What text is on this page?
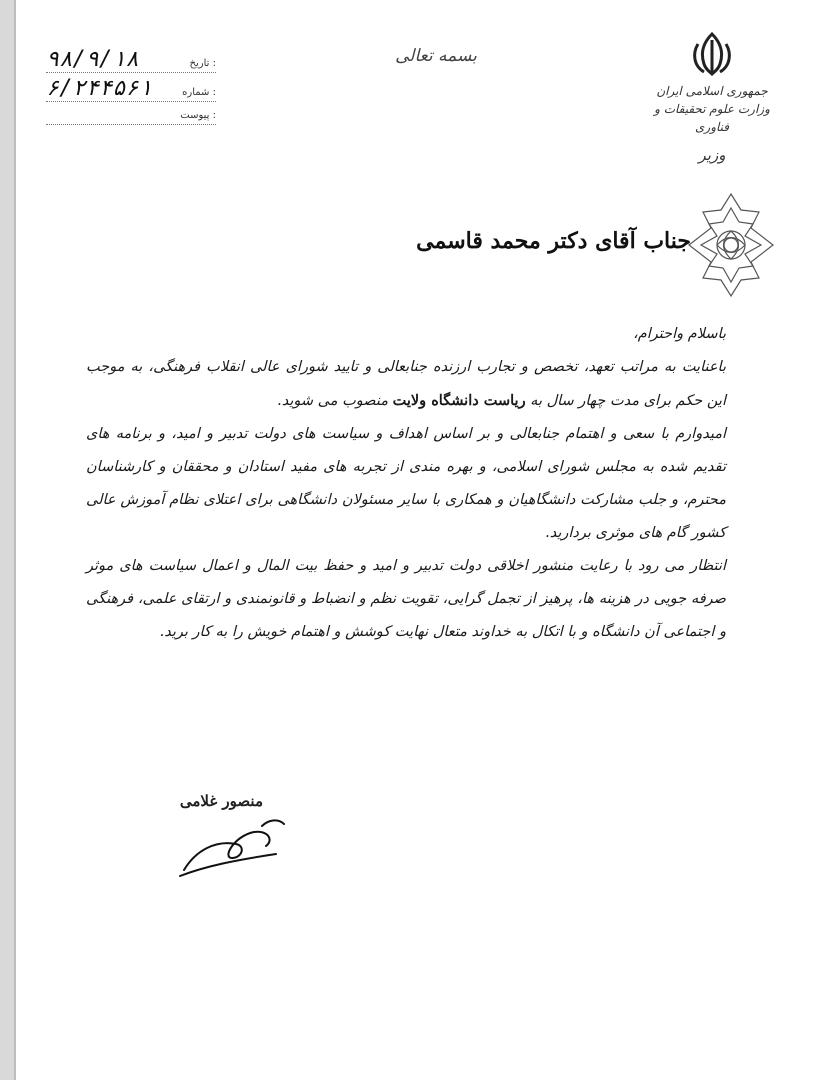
۹۸/۹/۱۸	تاریخ :
۶/۲۴۴۵۶۱	شماره :
پیوست :
بسمه تعالی
جمهوری اسلامی ایران
وزارت علوم تحقیقات و فناوری
وزیر
جناب آقای دکتر محمد قاسمی

باسلام واحترام،

باعنایت به مراتب تعهد، تخصص و تجارب ارزنده جنابعالی و تایید شورای عالی انقلاب فرهنگی، به موجب این حکم برای مدت چهار سال به ریاست دانشگاه ولایت منصوب می شوید.

امیدوارم با سعی و اهتمام جنابعالی و بر اساس اهداف و سیاست های دولت تدبیر و امید، و برنامه های تقدیم شده به مجلس شورای اسلامی، و بهره مندی از تجربه های مفید استادان و محققان و کارشناسان محترم، و جلب مشارکت دانشگاهیان و همکاری با سایر مسئولان دانشگاهی برای اعتلای نظام آموزش عالی کشور گام های موثری بردارید.

انتظار می رود با رعایت منشور اخلاقی دولت تدبیر و امید و حفظ بیت المال و اعمال سیاست های موثر صرفه جویی در هزینه ها، پرهیز از تجمل گرایی، تقویت نظم و انضباط و قانونمندی و ارتقای علمی، فرهنگی و اجتماعی آن دانشگاه و با اتکال به خداوند متعال نهایت کوشش و اهتمام خویش را به کار برید.

منصور غلامی
